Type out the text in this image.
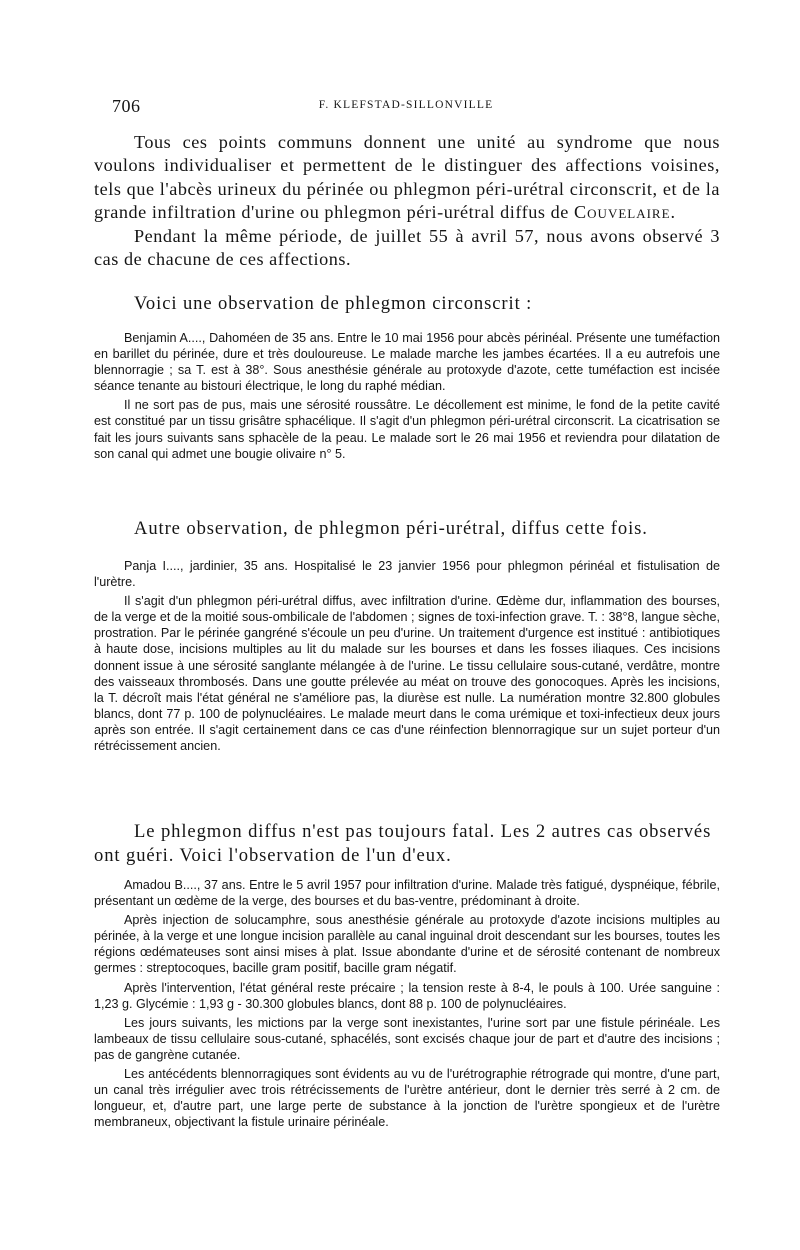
706	F. KLEFSTAD-SILLONVILLE

Tous ces points communs donnent une unité au syndrome que nous voulons individualiser et permettent de le distinguer des affections voisines, tels que l'abcès urineux du périnée ou phlegmon péri-urétral circonscrit, et de la grande infiltration d'urine ou phlegmon péri-urétral diffus de Couvelaire.

Pendant la même période, de juillet 55 à avril 57, nous avons observé 3 cas de chacune de ces affections.

Voici une observation de phlegmon circonscrit :

Benjamin A...., Dahoméen de 35 ans. Entre le 10 mai 1956 pour abcès périnéal. Présente une tuméfaction en barillet du périnée, dure et très douloureuse. Le malade marche les jambes écartées. Il a eu autrefois une blennorragie ; sa T. est à 38°. Sous anesthésie générale au protoxyde d'azote, cette tuméfaction est incisée séance tenante au bistouri électrique, le long du raphé médian.

Il ne sort pas de pus, mais une sérosité roussâtre. Le décollement est minime, le fond de la petite cavité est constitué par un tissu grisâtre sphacélique. Il s'agit d'un phlegmon péri-urétral circonscrit. La cicatrisation se fait les jours suivants sans sphacèle de la peau. Le malade sort le 26 mai 1956 et reviendra pour dilatation de son canal qui admet une bougie olivaire n° 5.

Autre observation, de phlegmon péri-urétral, diffus cette fois.

Panja I...., jardinier, 35 ans. Hospitalisé le 23 janvier 1956 pour phlegmon périnéal et fistulisation de l'urètre.

Il s'agit d'un phlegmon péri-urétral diffus, avec infiltration d'urine. Œdème dur, inflammation des bourses, de la verge et de la moitié sous-ombilicale de l'abdomen ; signes de toxi-infection grave. T. : 38°8, langue sèche, prostration. Par le périnée gangréné s'écoule un peu d'urine. Un traitement d'urgence est institué : antibiotiques à haute dose, incisions multiples au lit du malade sur les bourses et dans les fosses iliaques. Ces incisions donnent issue à une sérosité sanglante mélangée à de l'urine. Le tissu cellulaire sous-cutané, verdâtre, montre des vaisseaux thrombosés. Dans une goutte prélevée au méat on trouve des gonocoques. Après les incisions, la T. décroît mais l'état général ne s'améliore pas, la diurèse est nulle. La numération montre 32.800 globules blancs, dont 77 p. 100 de polynucléaires. Le malade meurt dans le coma urémique et toxi-infectieux deux jours après son entrée. Il s'agit certainement dans ce cas d'une réinfection blennorragique sur un sujet porteur d'un rétrécissement ancien.

Le phlegmon diffus n'est pas toujours fatal. Les 2 autres cas observés ont guéri. Voici l'observation de l'un d'eux.

Amadou B...., 37 ans. Entre le 5 avril 1957 pour infiltration d'urine. Malade très fatigué, dyspnéique, fébrile, présentant un œdème de la verge, des bourses et du bas-ventre, prédominant à droite.

Après injection de solucamphre, sous anesthésie générale au protoxyde d'azote incisions multiples au périnée, à la verge et une longue incision parallèle au canal inguinal droit descendant sur les bourses, toutes les régions œdémateuses sont ainsi mises à plat. Issue abondante d'urine et de sérosité contenant de nombreux germes : streptocoques, bacille gram positif, bacille gram négatif.

Après l'intervention, l'état général reste précaire ; la tension reste à 8-4, le pouls à 100. Urée sanguine : 1,23 g. Glycémie : 1,93 g - 30.300 globules blancs, dont 88 p. 100 de polynucléaires.

Les jours suivants, les mictions par la verge sont inexistantes, l'urine sort par une fistule périnéale. Les lambeaux de tissu cellulaire sous-cutané, sphacélés, sont excisés chaque jour de part et d'autre des incisions ; pas de gangrène cutanée.

Les antécédents blennorragiques sont évidents au vu de l'urétrographie rétrograde qui montre, d'une part, un canal très irrégulier avec trois rétrécissements de l'urètre antérieur, dont le dernier très serré à 2 cm. de longueur, et, d'autre part, une large perte de substance à la jonction de l'urètre spongieux et de l'urètre membraneux, objectivant la fistule urinaire périnéale.
